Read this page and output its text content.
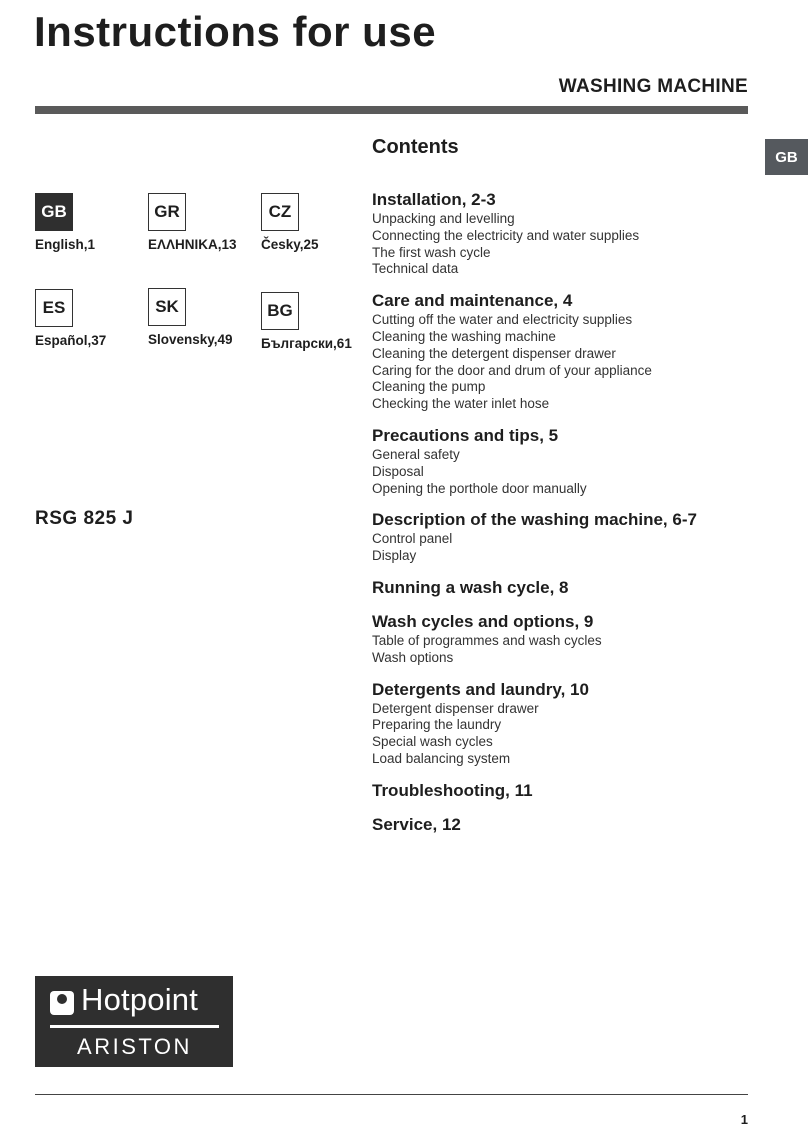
Instructions for use
WASHING MACHINE
GB
GB
English,1
GR
ΕΛΛΗΝΙΚΑ,13
CZ
Česky,25
ES
Español,37
SK
Slovensky,49
BG
Български,61
RSG 825 J
Contents
Installation, 2-3
Unpacking and levelling
Connecting the electricity and water supplies
The first wash cycle
Technical data
Care and maintenance, 4
Cutting off the water and electricity supplies
Cleaning the washing machine
Cleaning the detergent dispenser drawer
Caring for the door and drum of your appliance
Cleaning the pump
Checking the water inlet hose
Precautions and tips, 5
General safety
Disposal
Opening the porthole door manually
Description of the washing machine, 6-7
Control panel
Display
Running a wash cycle, 8
Wash cycles and options, 9
Table of programmes and wash cycles
Wash options
Detergents and laundry, 10
Detergent dispenser drawer
Preparing the laundry
Special wash cycles
Load balancing system
Troubleshooting, 11
Service, 12
Hotpoint
ARISTON
1
